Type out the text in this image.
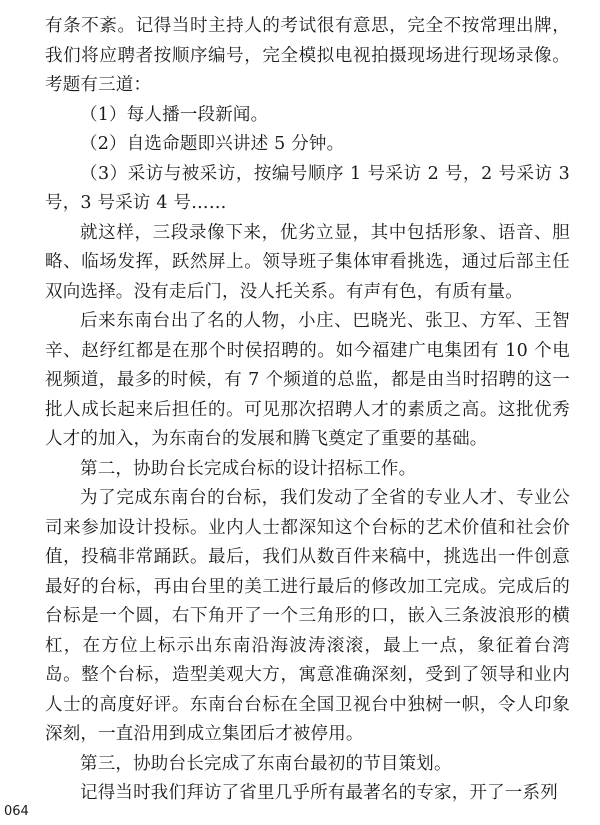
有条不紊。记得当时主持人的考试很有意思，完全不按常理出牌，我们将应聘者按顺序编号，完全模拟电视拍摄现场进行现场录像。考题有三道：

（1）每人播一段新闻。

（2）自选命题即兴讲述 5 分钟。

（3）采访与被采访，按编号顺序 1 号采访 2 号，2 号采访 3 号，3 号采访 4 号……

就这样，三段录像下来，优劣立显，其中包括形象、语音、胆略、临场发挥，跃然屏上。领导班子集体审看挑选，通过后部主任双向选择。没有走后门，没人托关系。有声有色，有质有量。

后来东南台出了名的人物，小庄、巴晓光、张卫、方军、王智辛、赵纾红都是在那个时侯招聘的。如今福建广电集团有 10 个电视频道，最多的时候，有 7 个频道的总监，都是由当时招聘的这一批人成长起来后担任的。可见那次招聘人才的素质之高。这批优秀人才的加入，为东南台的发展和腾飞奠定了重要的基础。

第二，协助台长完成台标的设计招标工作。

为了完成东南台的台标，我们发动了全省的专业人才、专业公司来参加设计投标。业内人士都深知这个台标的艺术价值和社会价值，投稿非常踊跃。最后，我们从数百件来稿中，挑选出一件创意最好的台标，再由台里的美工进行最后的修改加工完成。完成后的台标是一个圆，右下角开了一个三角形的口，嵌入三条波浪形的横杠，在方位上标示出东南沿海波涛滚滚，最上一点，象征着台湾岛。整个台标，造型美观大方，寓意准确深刻，受到了领导和业内人士的高度好评。东南台台标在全国卫视台中独树一帜，令人印象深刻，一直沿用到成立集团后才被停用。

第三，协助台长完成了东南台最初的节目策划。

记得当时我们拜访了省里几乎所有最著名的专家，开了一系列

064
